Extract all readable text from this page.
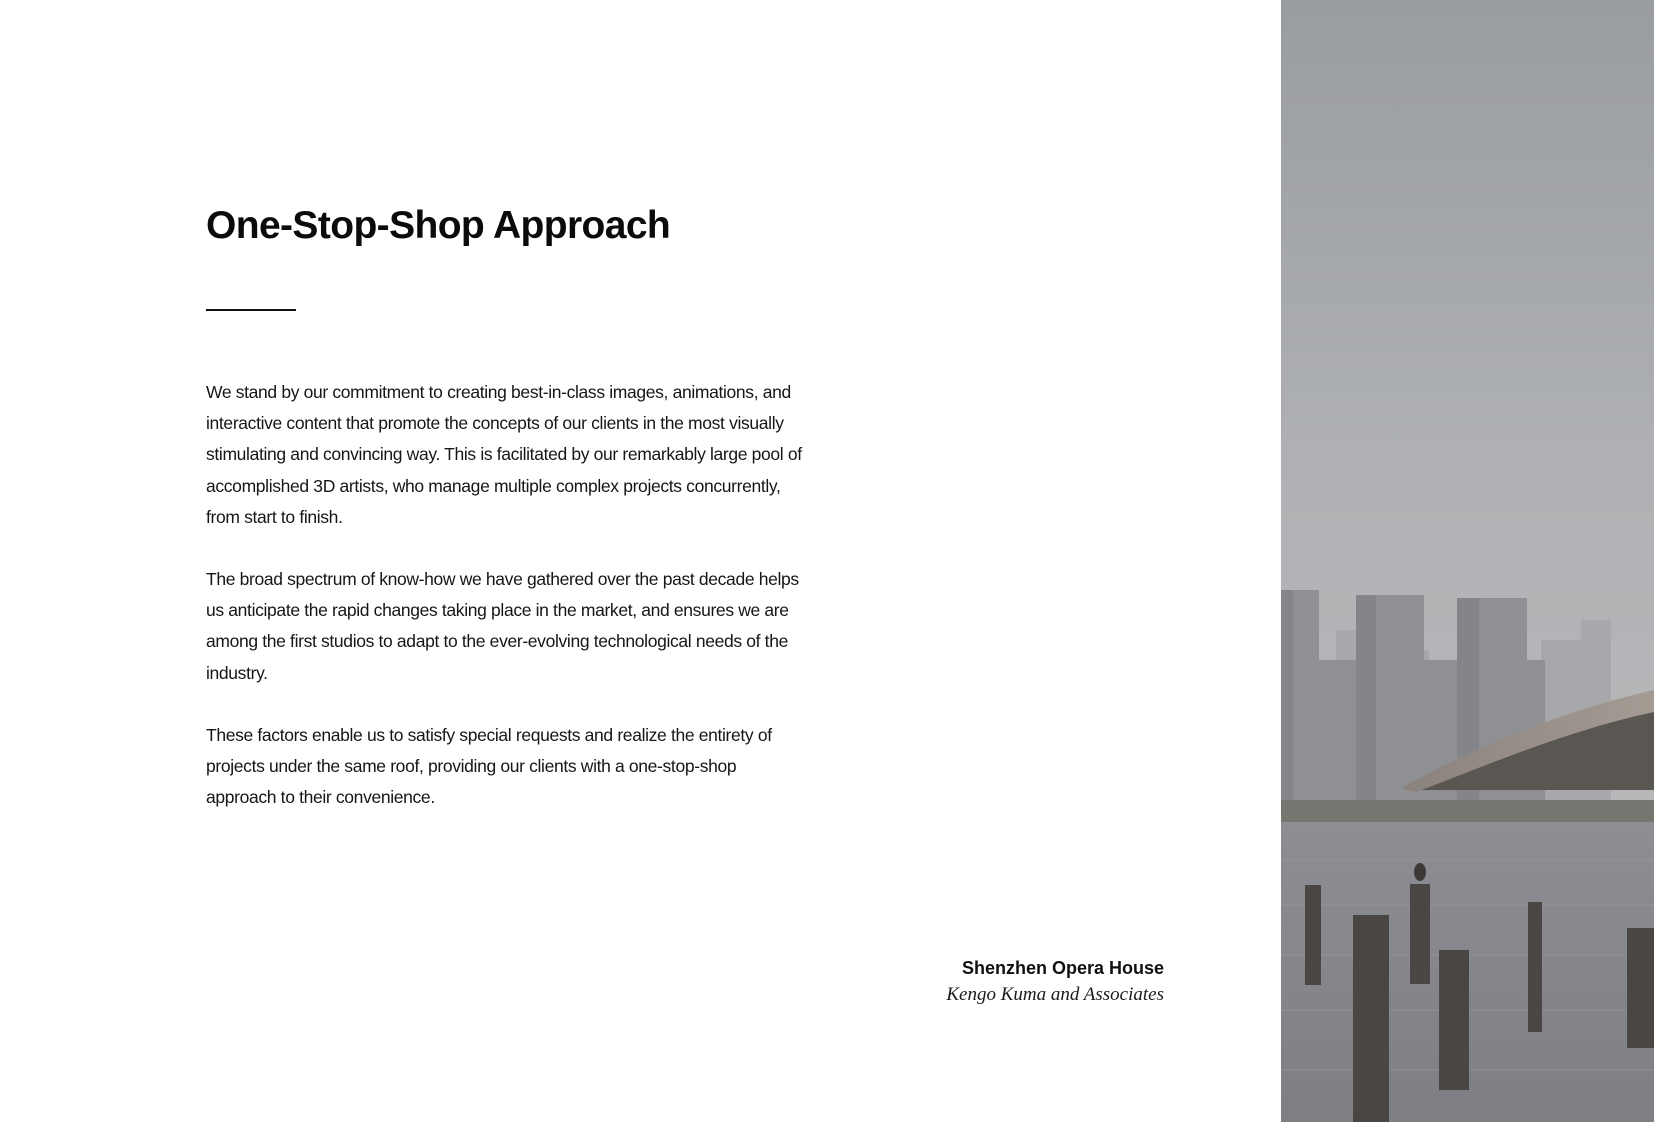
One-Stop-Shop Approach

We stand by our commitment to creating best-in-class images, animations, and interactive content that promote the concepts of our clients in the most visually stimulating and convincing way. This is facilitated by our remarkably large pool of accomplished 3D artists, who manage multiple complex projects concurrently, from start to finish.

The broad spectrum of know-how we have gathered over the past decade helps us anticipate the rapid changes taking place in the market, and ensures we are among the first studios to adapt to the ever-evolving technological needs of the industry.

These factors enable us to satisfy special requests and realize the entirety of projects under the same roof, providing our clients with a one-stop-shop approach to their convenience.

Shenzhen Opera House
Kengo Kuma and Associates
